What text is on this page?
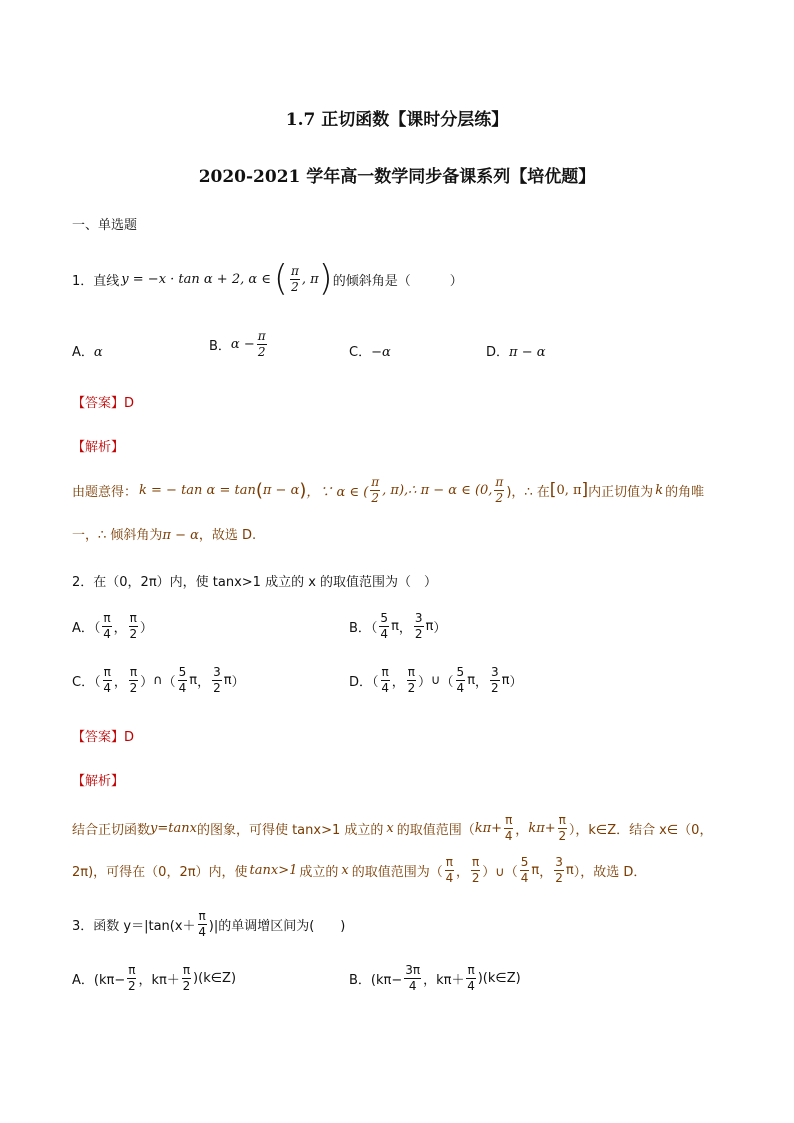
1.7 正切函数【课时分层练】
2020-2021 学年高一数学同步备课系列【培优题】
一、单选题
1． 直线 y = −x · tan α + 2, α ∈ ( $\frac{\pi}{2}$ , π ) 的倾斜角是（　　　）
A．α	B． $\alpha - \frac{\pi}{2}$	C．−α	D．π − α
【答案】D
【解析】
由题意得： k = − tan α = tan ( π − α ) ，∵ α ∈ ( $\frac{\pi}{2}$ , π),∴ π − α ∈ (0, $\frac{\pi}{2}$ )，∴ 在 [ 0, π ] 内正切值为 k 的角唯
一，∴ 倾斜角为π − α，故选 D.
2．在（0，2π）内，使 tanx>1 成立的 x 的取值范围为（　）
A．（ $\frac{\pi}{4}$ ， $\frac{\pi}{2}$ ）	B．（ $\frac{5}{4}$ π ， $\frac{3}{2}$ π ）
C．（ $\frac{\pi}{4}$ ， $\frac{\pi}{2}$ ） ∩ （ $\frac{5}{4}$ π ， $\frac{3}{2}$ π ）	D．（ $\frac{\pi}{4}$ ， $\frac{\pi}{2}$ ） ∪ （ $\frac{5}{4}$ π ， $\frac{3}{2}$ π ）
【答案】D
【解析】
结合正切函数 y=tanx 的图象，可得使 tanx>1 成立的 x 的取值范围（ $k\pi+ \frac{\pi}{4}$ ， $k\pi+ \frac{\pi}{2}$ ）， k∈Z．结合 x∈（0，
2π)，可得在（0，2π）内，使 tanx>1 成立的 x 的取值范围为（ $\frac{\pi}{4}$ ， $\frac{\pi}{2}$ ）∪（ $\frac{5}{4}$ π ， $\frac{3}{2}$ π ），故选 D．
3．函数 $y=|\tan(x+ \frac{\pi}{4}$ )|的单调增区间为(　　)
A．($k\pi- \frac{\pi}{2}$ ，$k\pi+ \frac{\pi}{2}$ )(k∈Z)	B．($k\pi- \frac{3\pi}{4}$ ，$k\pi+ \frac{\pi}{4}$ )(k∈Z)
